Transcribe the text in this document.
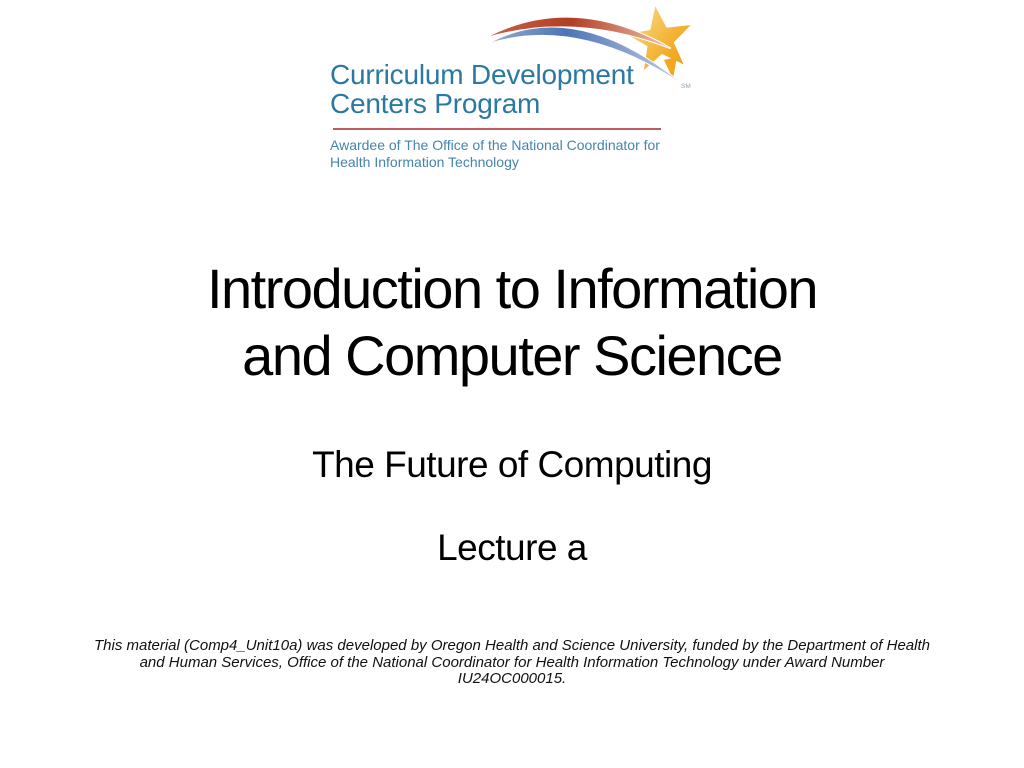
SM
Curriculum Development
Centers Program
Awardee of The Office of the National Coordinator for
Health Information Technology
Introduction to Information
and Computer Science
The Future of Computing
Lecture a
This material (Comp4_Unit10a) was developed by Oregon Health and Science University, funded by the Department of Health
and Human Services, Office of the National Coordinator for Health Information Technology under Award Number
IU24OC000015.
